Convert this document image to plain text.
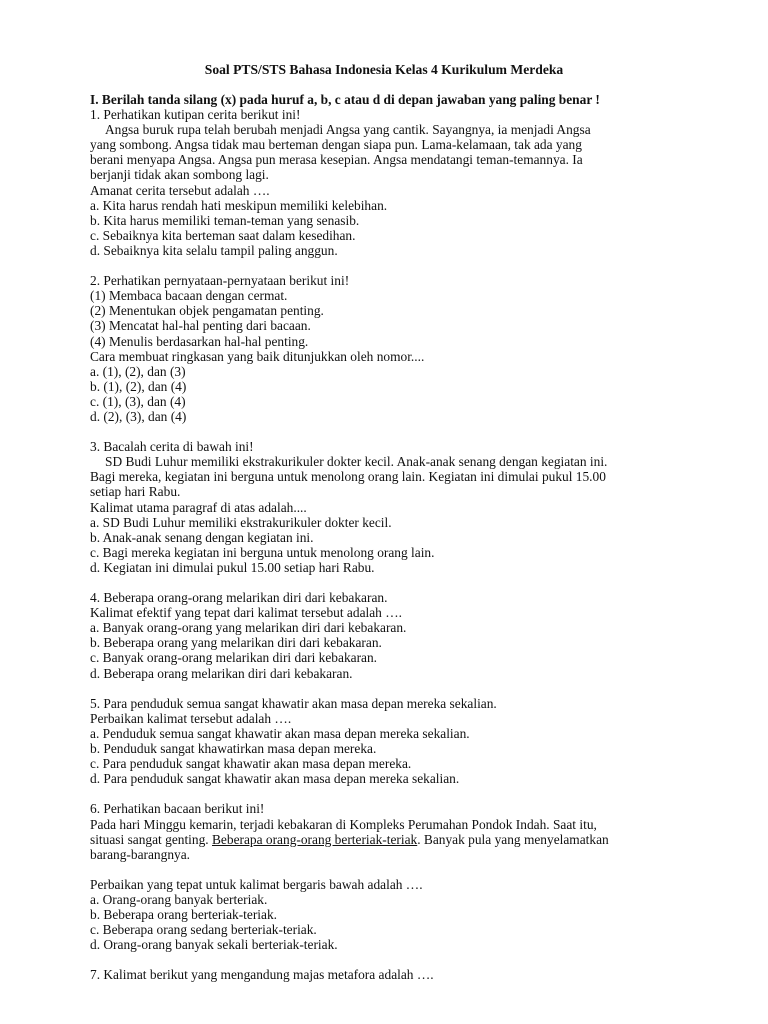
Soal PTS/STS Bahasa Indonesia Kelas 4 Kurikulum Merdeka
I. Berilah tanda silang (x) pada huruf a, b, c atau d di depan jawaban yang paling benar !
1. Perhatikan kutipan cerita berikut ini!
Angsa buruk rupa telah berubah menjadi Angsa yang cantik. Sayangnya, ia menjadi Angsa
yang sombong. Angsa tidak mau berteman dengan siapa pun. Lama-kelamaan, tak ada yang
berani menyapa Angsa. Angsa pun merasa kesepian. Angsa mendatangi teman-temannya. Ia
berjanji tidak akan sombong lagi.
Amanat cerita tersebut adalah ….
a. Kita harus rendah hati meskipun memiliki kelebihan.
b. Kita harus memiliki teman-teman yang senasib.
c. Sebaiknya kita berteman saat dalam kesedihan.
d. Sebaiknya kita selalu tampil paling anggun.
2. Perhatikan pernyataan-pernyataan berikut ini!
(1) Membaca bacaan dengan cermat.
(2) Menentukan objek pengamatan penting.
(3) Mencatat hal-hal penting dari bacaan.
(4) Menulis berdasarkan hal-hal penting.
Cara membuat ringkasan yang baik ditunjukkan oleh nomor....
a. (1), (2), dan (3)
b. (1), (2), dan (4)
c. (1), (3), dan (4)
d. (2), (3), dan (4)
3. Bacalah cerita di bawah ini!
SD Budi Luhur memiliki ekstrakurikuler dokter kecil. Anak-anak senang dengan kegiatan ini.
Bagi mereka, kegiatan ini berguna untuk menolong orang lain. Kegiatan ini dimulai pukul 15.00
setiap hari Rabu.
Kalimat utama paragraf di atas adalah....
a. SD Budi Luhur memiliki ekstrakurikuler dokter kecil.
b. Anak-anak senang dengan kegiatan ini.
c. Bagi mereka kegiatan ini berguna untuk menolong orang lain.
d. Kegiatan ini dimulai pukul 15.00 setiap hari Rabu.
4. Beberapa orang-orang melarikan diri dari kebakaran.
Kalimat efektif yang tepat dari kalimat tersebut adalah ….
a. Banyak orang-orang yang melarikan diri dari kebakaran.
b. Beberapa orang yang melarikan diri dari kebakaran.
c. Banyak orang-orang melarikan diri dari kebakaran.
d. Beberapa orang melarikan diri dari kebakaran.
5. Para penduduk semua sangat khawatir akan masa depan mereka sekalian.
Perbaikan kalimat tersebut adalah ….
a. Penduduk semua sangat khawatir akan masa depan mereka sekalian.
b. Penduduk sangat khawatirkan masa depan mereka.
c. Para penduduk sangat khawatir akan masa depan mereka.
d. Para penduduk sangat khawatir akan masa depan mereka sekalian.
6. Perhatikan bacaan berikut ini!
Pada hari Minggu kemarin, terjadi kebakaran di Kompleks Perumahan Pondok Indah. Saat itu,
situasi sangat genting. Beberapa orang-orang berteriak-teriak. Banyak pula yang menyelamatkan
barang-barangnya.
Perbaikan yang tepat untuk kalimat bergaris bawah adalah ….
a. Orang-orang banyak berteriak.
b. Beberapa orang berteriak-teriak.
c. Beberapa orang sedang berteriak-teriak.
d. Orang-orang banyak sekali berteriak-teriak.
7. Kalimat berikut yang mengandung majas metafora adalah ….
